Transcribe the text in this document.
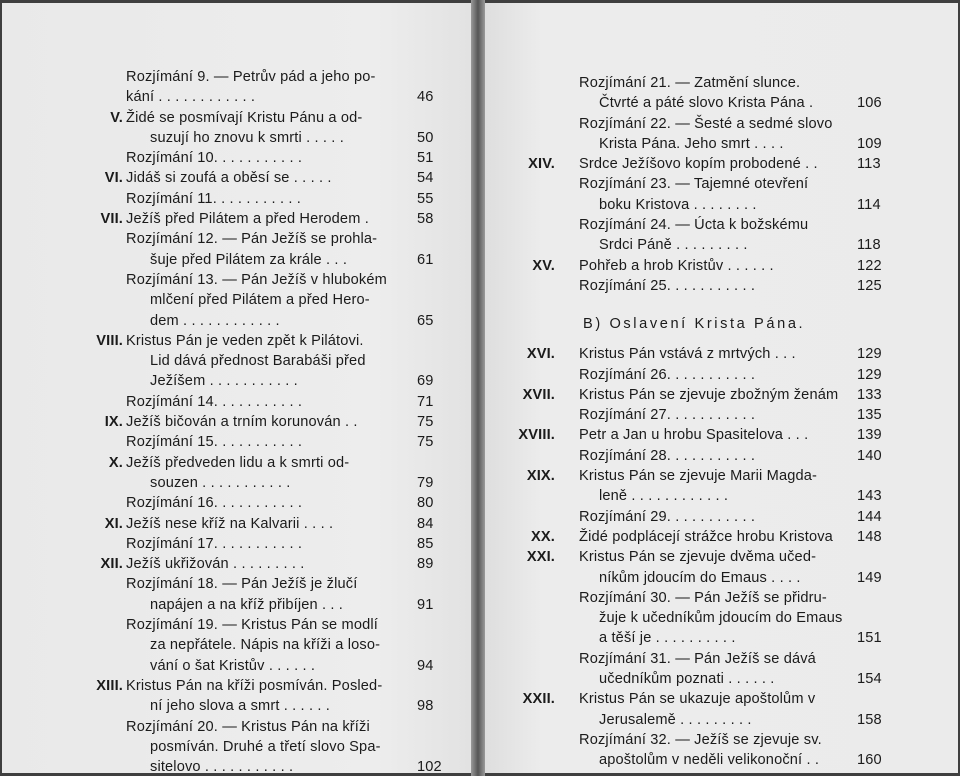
Rozjímání 9. — Petrův pád a jeho po-
kání . . . . . . . . . . . .	46
V. Židé se posmívají Kristu Pánu a od-
suzují ho znovu k smrti . . . . .	50
Rozjímání 10. . . . . . . . . . .	51
VI. Jidáš si zoufá a oběsí se . . . . .	54
Rozjímání 11. . . . . . . . . . .	55
VII. Ježíš před Pilátem a před Herodem .	58
Rozjímání 12. — Pán Ježíš se prohla-
šuje před Pilátem za krále . . .	61
Rozjímání 13. — Pán Ježíš v hlubokém
mlčení před Pilátem a před Hero-
dem . . . . . . . . . . . .	65
VIII. Kristus Pán je veden zpět k Pilátovi.
Lid dává přednost Barabáši před
Ježíšem . . . . . . . . . . .	69
Rozjímání 14. . . . . . . . . . .	71
IX. Ježíš bičován a trním korunován . .	75
Rozjímání 15. . . . . . . . . . .	75
X. Ježíš předveden lidu a k smrti od-
souzen . . . . . . . . . . .	79
Rozjímání 16. . . . . . . . . . .	80
XI. Ježíš nese kříž na Kalvarii . . . .	84
Rozjímání 17. . . . . . . . . . .	85
XII. Ježíš ukřižován . . . . . . . . .	89
Rozjímání 18. — Pán Ježíš je žlučí
napájen a na kříž přibíjen . . .	91
Rozjímání 19. — Kristus Pán se modlí
za nepřátele. Nápis na kříži a loso-
vání o šat Kristův . . . . . .	94
XIII. Kristus Pán na kříži posmíván. Posled-
ní jeho slova a smrt . . . . . .	98
Rozjímání 20. — Kristus Pán na kříži
posmíván. Druhé a třetí slovo Spa-
sitelovo . . . . . . . . . . .	102
Rozjímání 21. — Zatmění slunce.
Čtvrté a páté slovo Krista Pána .	106
Rozjímání 22. — Šesté a sedmé slovo
Krista Pána. Jeho smrt . . . .	109
XIV. Srdce Ježíšovo kopím probodené . .	113
Rozjímání 23. — Tajemné otevření
boku Kristova . . . . . . . .	114
Rozjímání 24. — Úcta k božskému
Srdci Páně . . . . . . . . .	118
XV. Pohřeb a hrob Kristův . . . . . .	122
Rozjímání 25. . . . . . . . . . .	125
B) Oslavení Krista Pána.
XVI. Kristus Pán vstává z mrtvých . . .	129
Rozjímání 26. . . . . . . . . . .	129
XVII. Kristus Pán se zjevuje zbožným ženám 133
Rozjímání 27. . . . . . . . . . .	135
XVIII. Petr a Jan u hrobu Spasitelova . . .	139
Rozjímání 28. . . . . . . . . . .	140
XIX. Kristus Pán se zjevuje Marii Magda-
leně . . . . . . . . . . . .	143
Rozjímání 29. . . . . . . . . . .	144
XX. Židé podplácejí strážce hrobu Kristova 148
XXI. Kristus Pán se zjevuje dvěma učed-
níkům jdoucím do Emaus . . . .	149
Rozjímání 30. — Pán Ježíš se přidru-
žuje k učedníkům jdoucím do Emaus
a těší je . . . . . . . . . .	151
Rozjímání 31. — Pán Ježíš se dává
učedníkům poznati . . . . . .	154
XXII. Kristus Pán se ukazuje apoštolům v
Jerusalemě . . . . . . . . .	158
Rozjímání 32. — Ježíš se zjevuje sv.
apoštolům v neděli velikonoční . .	160
